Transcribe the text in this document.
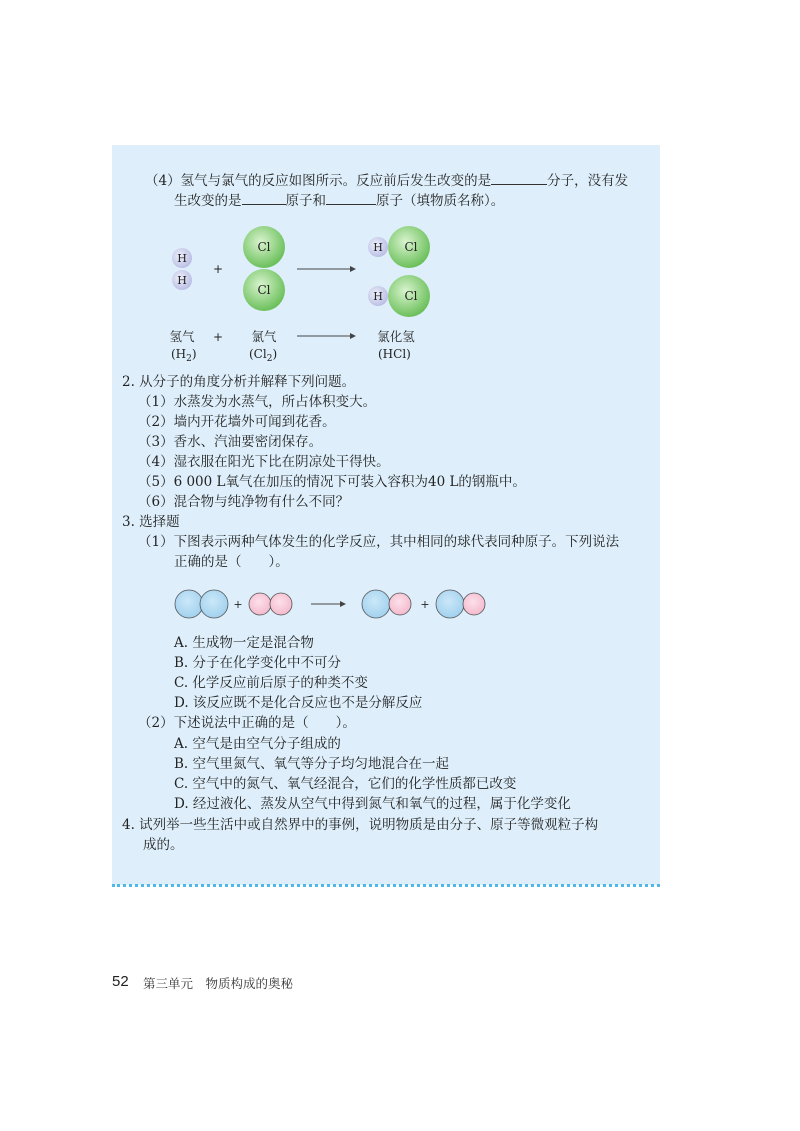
（4）氢气与氯气的反应如图所示。反应前后发生改变的是	分子，没有发
生改变的是	原子和	原子（填物质名称）。
H
H
+
Cl
Cl
H Cl
H Cl
氢气 + 氯气	氯化氢
$(H_2)$	$(Cl_2)$	(HCl)
2. 从分子的角度分析并解释下列问题。
（1）水蒸发为水蒸气，所占体积变大。
（2）墙内开花墙外可闻到花香。
（3）香水、汽油要密闭保存。
（4）湿衣服在阳光下比在阴凉处干得快。
（5）6 000 L氧气在加压的情况下可装入容积为40 L的钢瓶中。
（6）混合物与纯净物有什么不同？
3. 选择题
（1）下图表示两种气体发生的化学反应，其中相同的球代表同种原子。下列说法
正确的是（　　）。
+	+
A. 生成物一定是混合物
B. 分子在化学变化中不可分
C. 化学反应前后原子的种类不变
D. 该反应既不是化合反应也不是分解反应
（2）下述说法中正确的是（　　）。
A. 空气是由空气分子组成的
B. 空气里氮气、氧气等分子均匀地混合在一起
C. 空气中的氮气、氧气经混合，它们的化学性质都已改变
D. 经过液化、蒸发从空气中得到氮气和氧气的过程，属于化学变化
4. 试列举一些生活中或自然界中的事例，说明物质是由分子、原子等微观粒子构
成的。
52 第三单元　物质构成的奥秘
